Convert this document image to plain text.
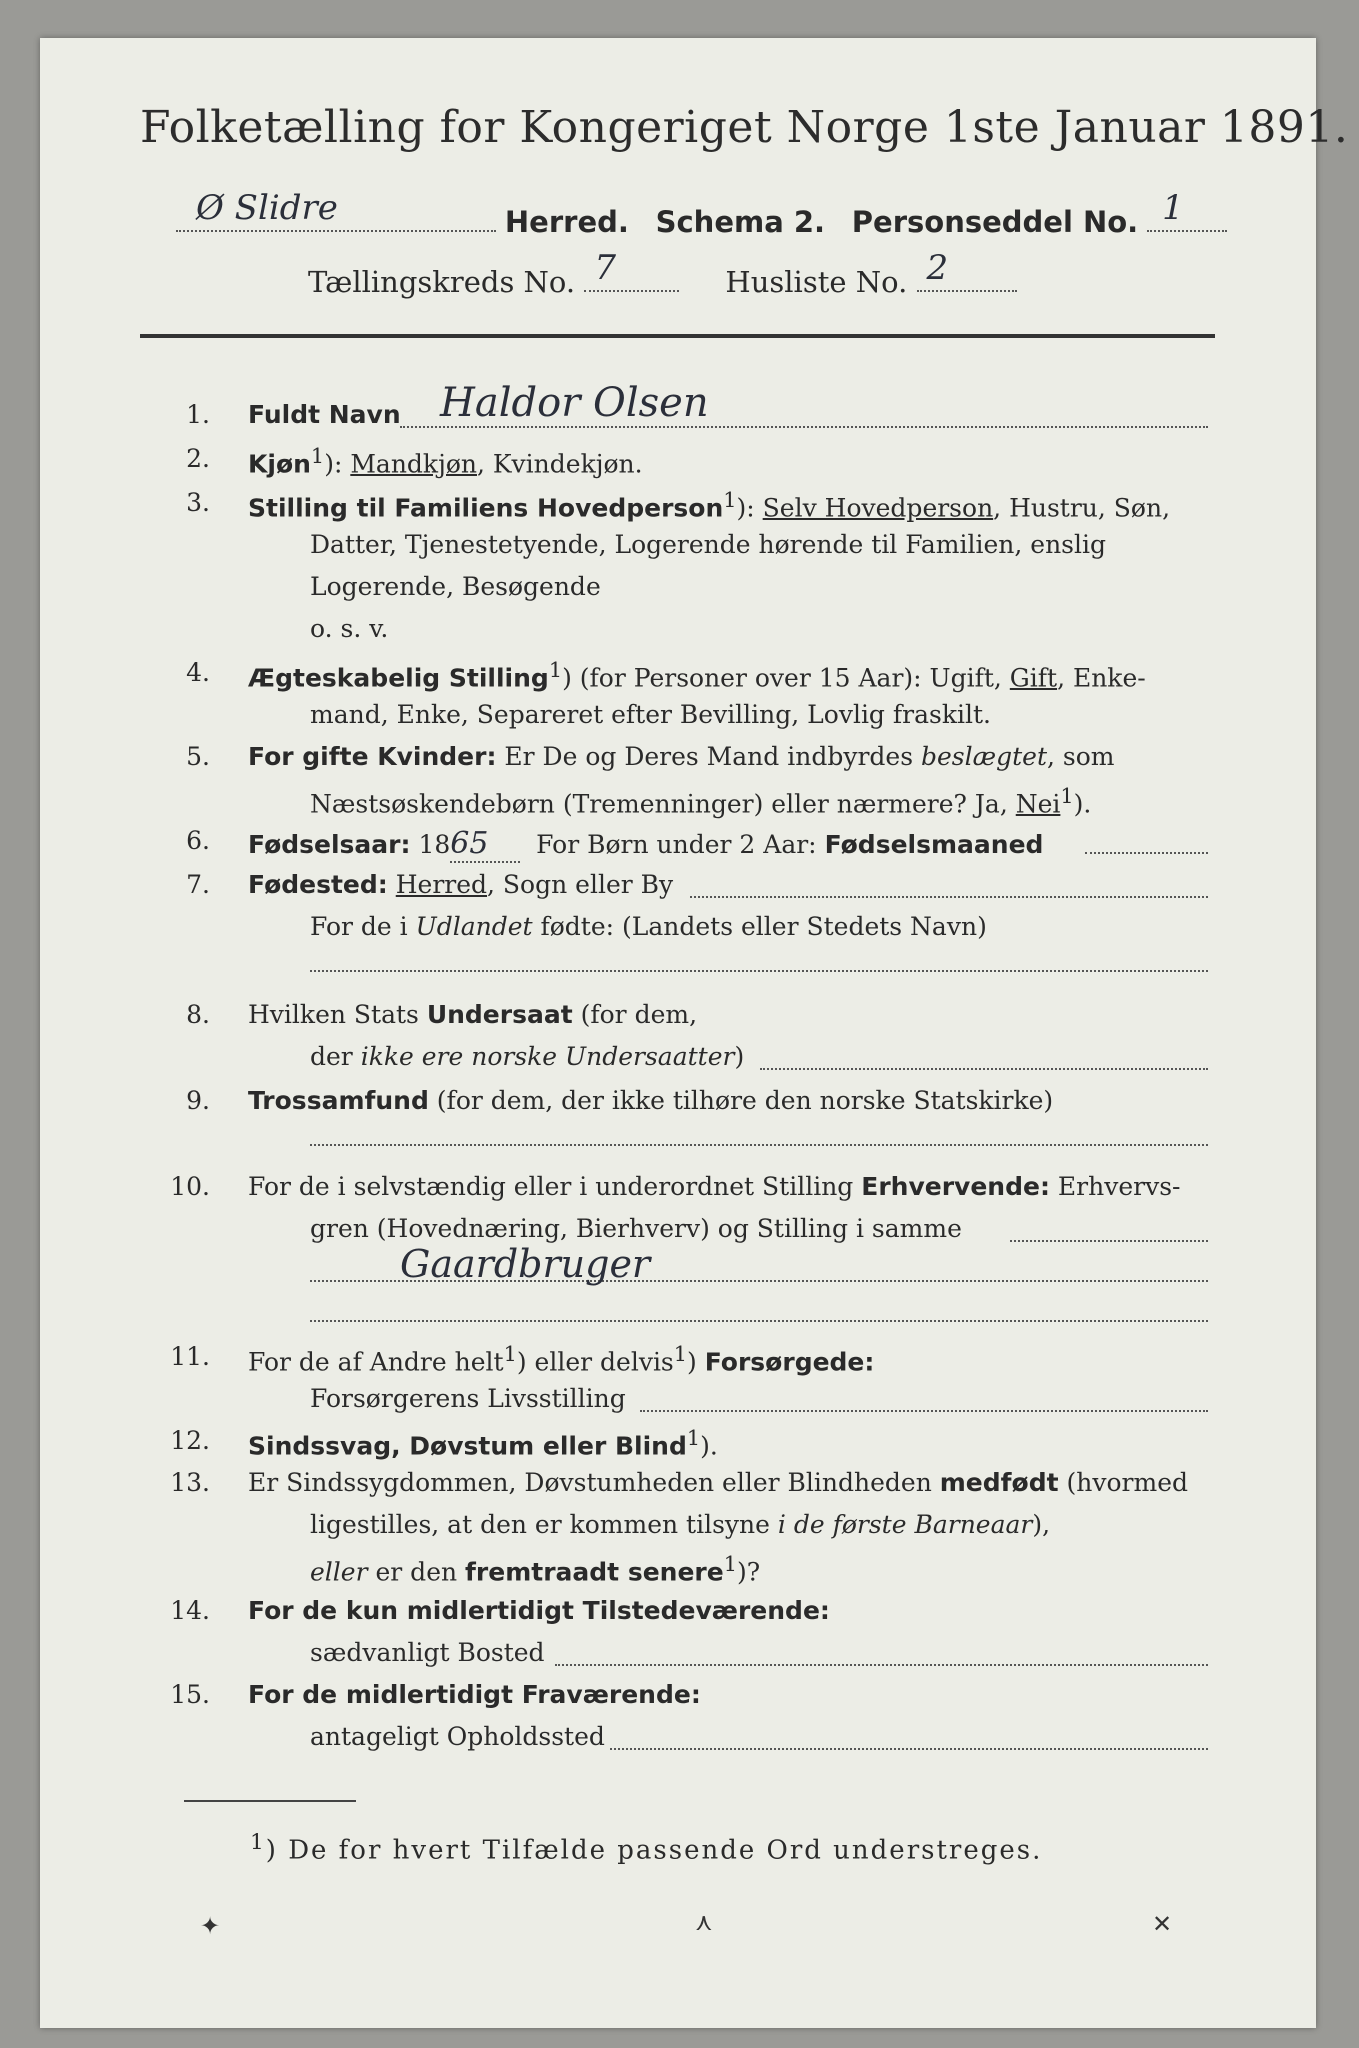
Folketælling for Kongeriget Norge 1ste Januar 1891.
Ø Slidre	Herred. Schema 2. Personseddel No. 1
Tællingskreds No. 7	Husliste No. 2
1. Fuldt Navn Haldor Olsen
2. Kjøn$^1$): Mandkjøn, Kvindekjøn.
3. Stilling til Familiens Hovedperson$^1$): Selv Hovedperson, Hustru, Søn,
Datter, Tjenestetyende, Logerende hørende til Familien, enslig
Logerende, Besøgende
o. s. v.
4. Ægteskabelig Stilling$^1$) (for Personer over 15 Aar): Ugift, Gift, Enke-
mand, Enke, Separeret efter Bevilling, Lovlig fraskilt.
5. For gifte Kvinder: Er De og Deres Mand indbyrdes beslægtet, som
Næstsøskendebørn (Tremenninger) eller nærmere? Ja, Nei$^1$).
6. Fødselsaar: 1865 For Børn under 2 Aar: Fødselsmaaned
7. Fødested: Herred, Sogn eller By
For de i Udlandet fødte: (Landets eller Stedets Navn)
8. Hvilken Stats Undersaat (for dem,
der ikke ere norske Undersaatter)
9. Trossamfund (for dem, der ikke tilhøre den norske Statskirke)
10. For de i selvstændig eller i underordnet Stilling Erhvervende: Erhvervs-
gren (Hovednæring, Bierhverv) og Stilling i samme
Gaardbruger
11. For de af Andre helt$^1$) eller delvis$^1$) Forsørgede:
Forsørgerens Livsstilling
12. Sindssvag, Døvstum eller Blind$^1$).
13. Er Sindssygdommen, Døvstumheden eller Blindheden medfødt (hvormed
ligestilles, at den er kommen tilsyne i de første Barneaar),
eller er den fremtraadt senere$^1$)?
14. For de kun midlertidigt Tilstedeværende:
sædvanligt Bosted
15. For de midlertidigt Fraværende:
antageligt Opholdssted
$^1$) De for hvert Tilfælde passende Ord understreges.
✦	⋏	✕
